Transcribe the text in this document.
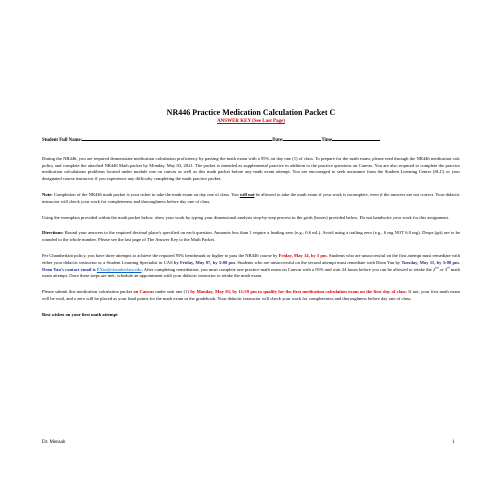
NR446 Practice Medication Calculation Packet C
ANSWER KEY (See Last Page)
Student Full Name:	Date:	Time

During the NR446, you are required demonstrate medication calculation proficiency by passing the math exam with a 95% on day one (1) of class. To prepare for the math exam, please read through the NR446 medication calc policy and complete the attached NR446 Math packet by Monday, May 03, 2021. The packet is intended as supplemental practice in addition to the practice questions on Canvas. You are also required to complete the practice medication calculations problems located under module one on canvas as well as this math packet before any math exam attempt. You are encouraged to seek assistance from the Student Learning Center (SLC) or your designated course instructor if you experience any difficulty completing the math practice packet.

Note: Completion of the NR446 math packet is your ticket to take the math exam on day one of class. You will not be allowed to take the math exam if your work is incomplete, even if the answers are not correct. Your didactic instructor will check your work for completeness and thoroughness before day one of class.

Using the exemplars provided within the math packet below, show your work by typing your dimensional analysis step-by-step process in the grids (boxes) provided below. Do not handwrite your work for this assignment.

Directions: Round your answers to the required decimal place/s specified on each question. Amounts less than 1 require a leading zero (e.g., 0.6 mL). Avoid using a trailing zero (e.g., 6 mg NOT 6.0 mg). Drops (gtt) are to be rounded to the whole number. Please see the last page of The Answer Key to the Math Packet.

Per Chamberlain policy, you have three attempts to achieve the required 95% benchmark or higher to pass the NR446 course by Friday, May 14, by 5 pm. Students who are unsuccessful on the first attempt must remediate with either your didactic instructor or a Student Learning Specialist in CAS by Friday, May 07, by 5:00 pm. Students who are unsuccessful on the second attempt must remediate with Dean Yau by Tuesday, May 11, by 5:00 pm. Dean Yau's contact email is EYau@chamberlain.edu. After completing remediation, you must complete one practice math exam on Canvas with a 95% and wait 24 hours before you can be allowed to retake the 2nd or 3rd math exam attempt. Once these steps are met, schedule an appointment with your didactic instructor to retake the math exam.

Please submit this medication calculation packet on Canvas under unit one (1) by Monday, May 03, by 11:59 pm to qualify for the first medication calculation exam on the first day of class. If not, your first math exam will be void, and a zero will be placed as your final points for the math exam in the gradebook. Your didactic instructor will check your work for completeness and thoroughness before day one of class.

Best wishes on your first math attempt

Dr. Mensah	1
